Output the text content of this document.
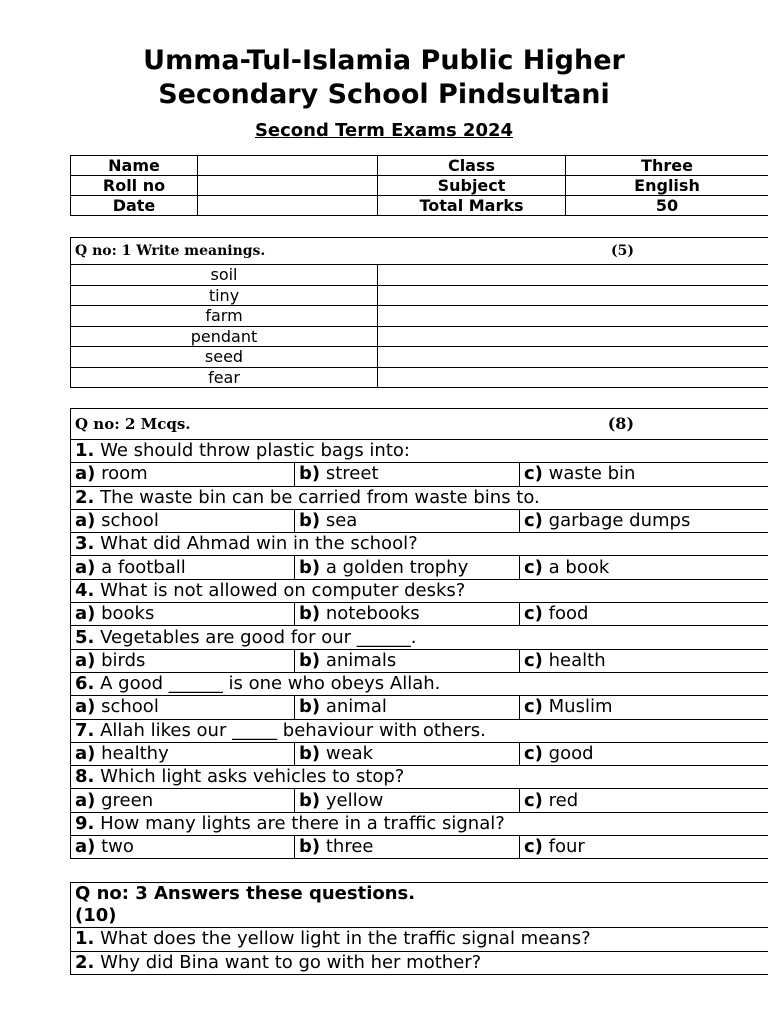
Umma-Tul-Islamia Public Higher
Secondary School Pindsultani
Second Term Exams 2024
Name		Class	Three
Roll no		Subject	English
Date		Total Marks	50
Q no: 1 Write meanings. (5)	

soil	
tiny	
farm	
pendant	
seed	
fear	
Q no: 2 Mcqs. (8)		

1. We should throw plastic bags into:		
a) room	b) street	c) waste bin
2. The waste bin can be carried from waste bins to.		
a) school	b) sea	c) garbage dumps
3. What did Ahmad win in the school?		
a) a football	b) a golden trophy	c) a book
4. What is not allowed on computer desks?		
a) books	b) notebooks	c) food
5. Vegetables are good for our ______.		
a) birds	b) animals	c) health
6. A good ______ is one who obeys Allah.		
a) school	b) animal	c) Muslim
7. Allah likes our _____ behaviour with others.		
a) healthy	b) weak	c) good
8. Which light asks vehicles to stop?		
a) green	b) yellow	c) red
9. How many lights are there in a traffic signal?		
a) two	b) three	c) four
Q no: 3 Answers these questions.
(10)
1. What does the yellow light in the traffic signal means?
2. Why did Bina want to go with her mother?
